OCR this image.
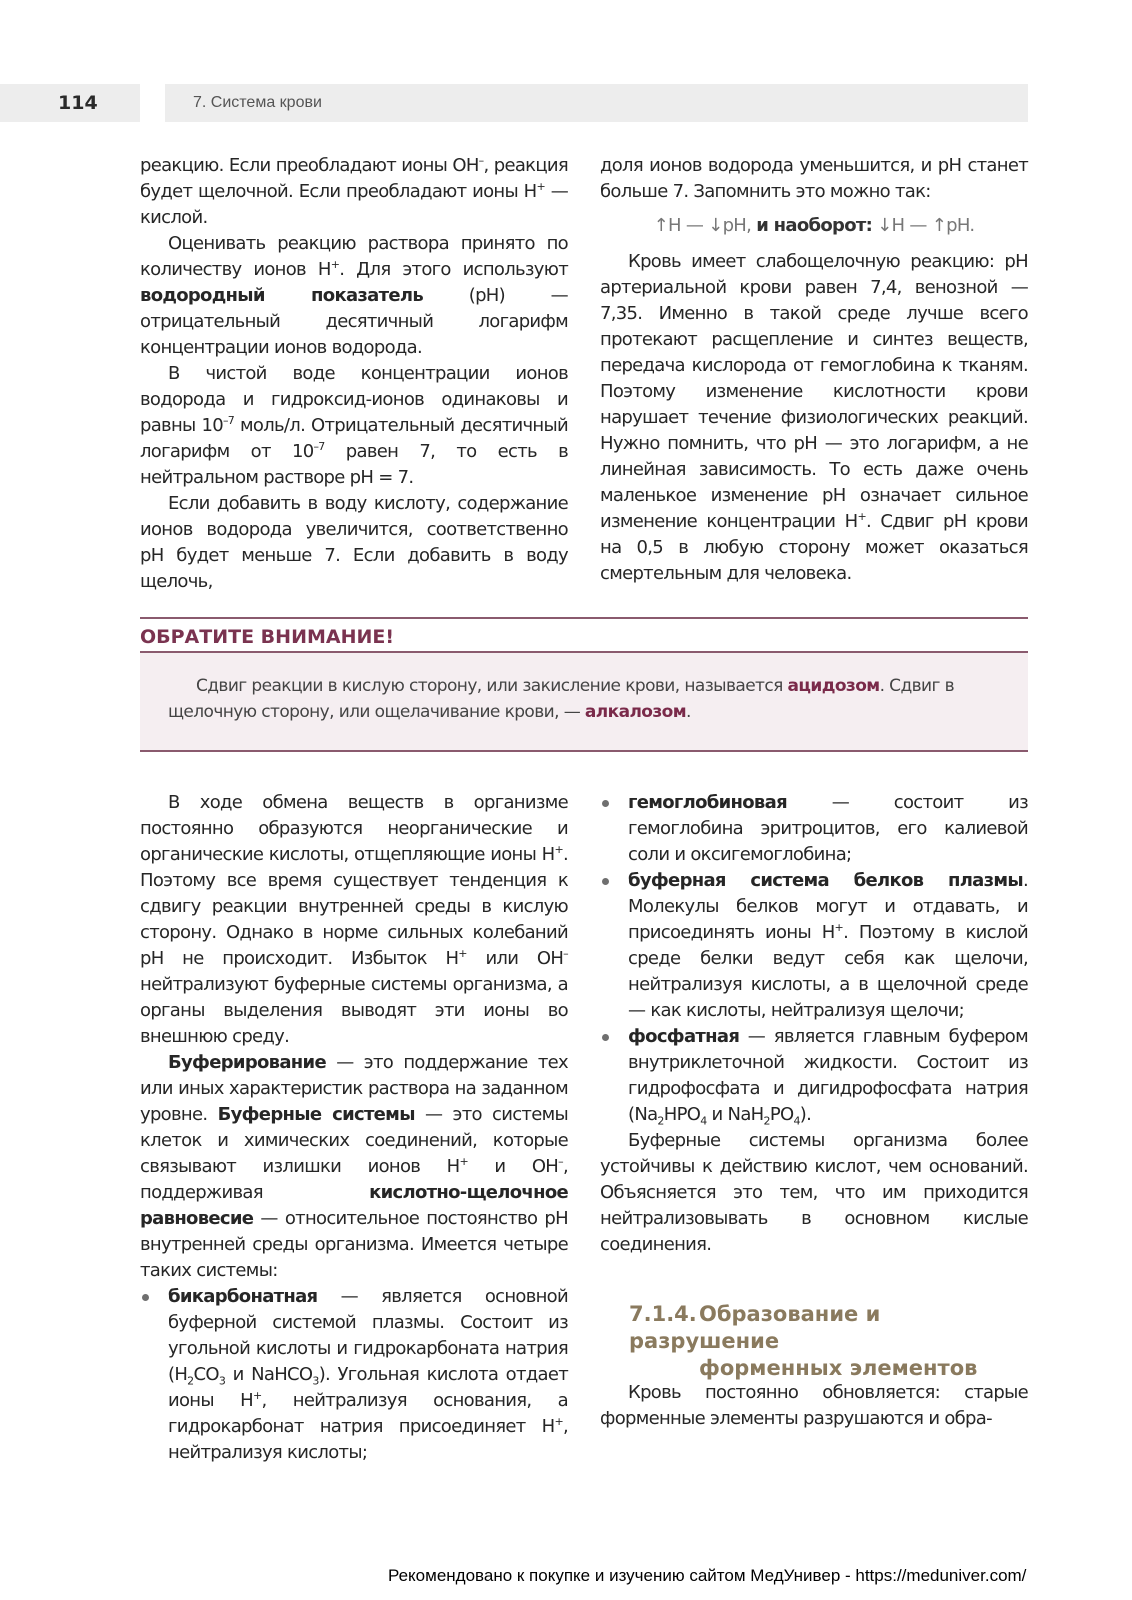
114	7. Система крови

реакцию. Если преобладают ионы OH–, реакция будет щелочной. Если преобладают ионы H+ — кислой.

Оценивать реакцию раствора принято по количеству ионов H+. Для этого используют водородный показатель (pH) — отрицательный десятичный логарифм концентрации ионов водорода.

В чистой воде концентрации ионов водорода и гидроксид-ионов одинаковы и равны $10^{-7}$ моль/л. Отрицательный десятичный логарифм от $10^{-7}$ равен 7, то есть в нейтральном растворе pH = 7.

Если добавить в воду кислоту, содержание ионов водорода увеличится, соответственно pH будет меньше 7. Если добавить в воду щелочь,

доля ионов водорода уменьшится, и pH станет больше 7. Запомнить это можно так:

↑H — ↓pH, и наоборот: ↓H — ↑pH.

Кровь имеет слабощелочную реакцию: pH артериальной крови равен 7,4, венозной — 7,35. Именно в такой среде лучше всего протекают расщепление и синтез веществ, передача кислорода от гемоглобина к тканям. Поэтому изменение кислотности крови нарушает течение физиологических реакций. Нужно помнить, что pH — это логарифм, а не линейная зависимость. То есть даже очень маленькое изменение pH означает сильное изменение концентрации H+. Сдвиг pH крови на 0,5 в любую сторону может оказаться смертельным для человека.

ОБРАТИТЕ ВНИМАНИЕ!

Сдвиг реакции в кислую сторону, или закисление крови, называется ацидозом. Сдвиг в щелочную сторону, или ощелачивание крови, — алкалозом.

В ходе обмена веществ в организме постоянно образуются неорганические и органические кислоты, отщепляющие ионы H+. Поэтому все время существует тенденция к сдвигу реакции внутренней среды в кислую сторону. Однако в норме сильных колебаний pH не происходит. Избыток H+ или OH– нейтрализуют буферные системы организма, а органы выделения выводят эти ионы во внешнюю среду.

Буферирование — это поддержание тех или иных характеристик раствора на заданном уровне. Буферные системы — это системы клеток и химических соединений, которые связывают излишки ионов H+ и OH–, поддерживая кислотно-щелочное равновесие — относительное постоянство pH внутренней среды организма. Имеется четыре таких системы:

бикарбонатная — является основной буферной системой плазмы. Состоит из угольной кислоты и гидрокарбоната натрия ($H_2CO_3$ и NaHCO$_3$). Угольная кислота отдает ионы H+, нейтрализуя основания, а гидрокарбонат натрия присоединяет H+, нейтрализуя кислоты;
гемоглобиновая — состоит из гемоглобина эритроцитов, его калиевой соли и оксигемоглобина;
буферная система белков плазмы. Молекулы белков могут и отдавать, и присоединять ионы H+. Поэтому в кислой среде белки ведут себя как щелочи, нейтрализуя кислоты, а в щелочной среде — как кислоты, нейтрализуя щелочи;
фосфатная — является главным буфером внутриклеточной жидкости. Состоит из гидрофосфата и дигидрофосфата натрия ($Na_2HPO_4$ и $NaH_2PO_4$).

Буферные системы организма более устойчивы к действию кислот, чем оснований. Объясняется это тем, что им приходится нейтрализовывать в основном кислые соединения.

7.1.4. Образование и разрушение
форменных элементов

Кровь постоянно обновляется: старые форменные элементы разрушаются и обра-

Рекомендовано к покупке и изучению сайтом МедУнивер - https://meduniver.com/
